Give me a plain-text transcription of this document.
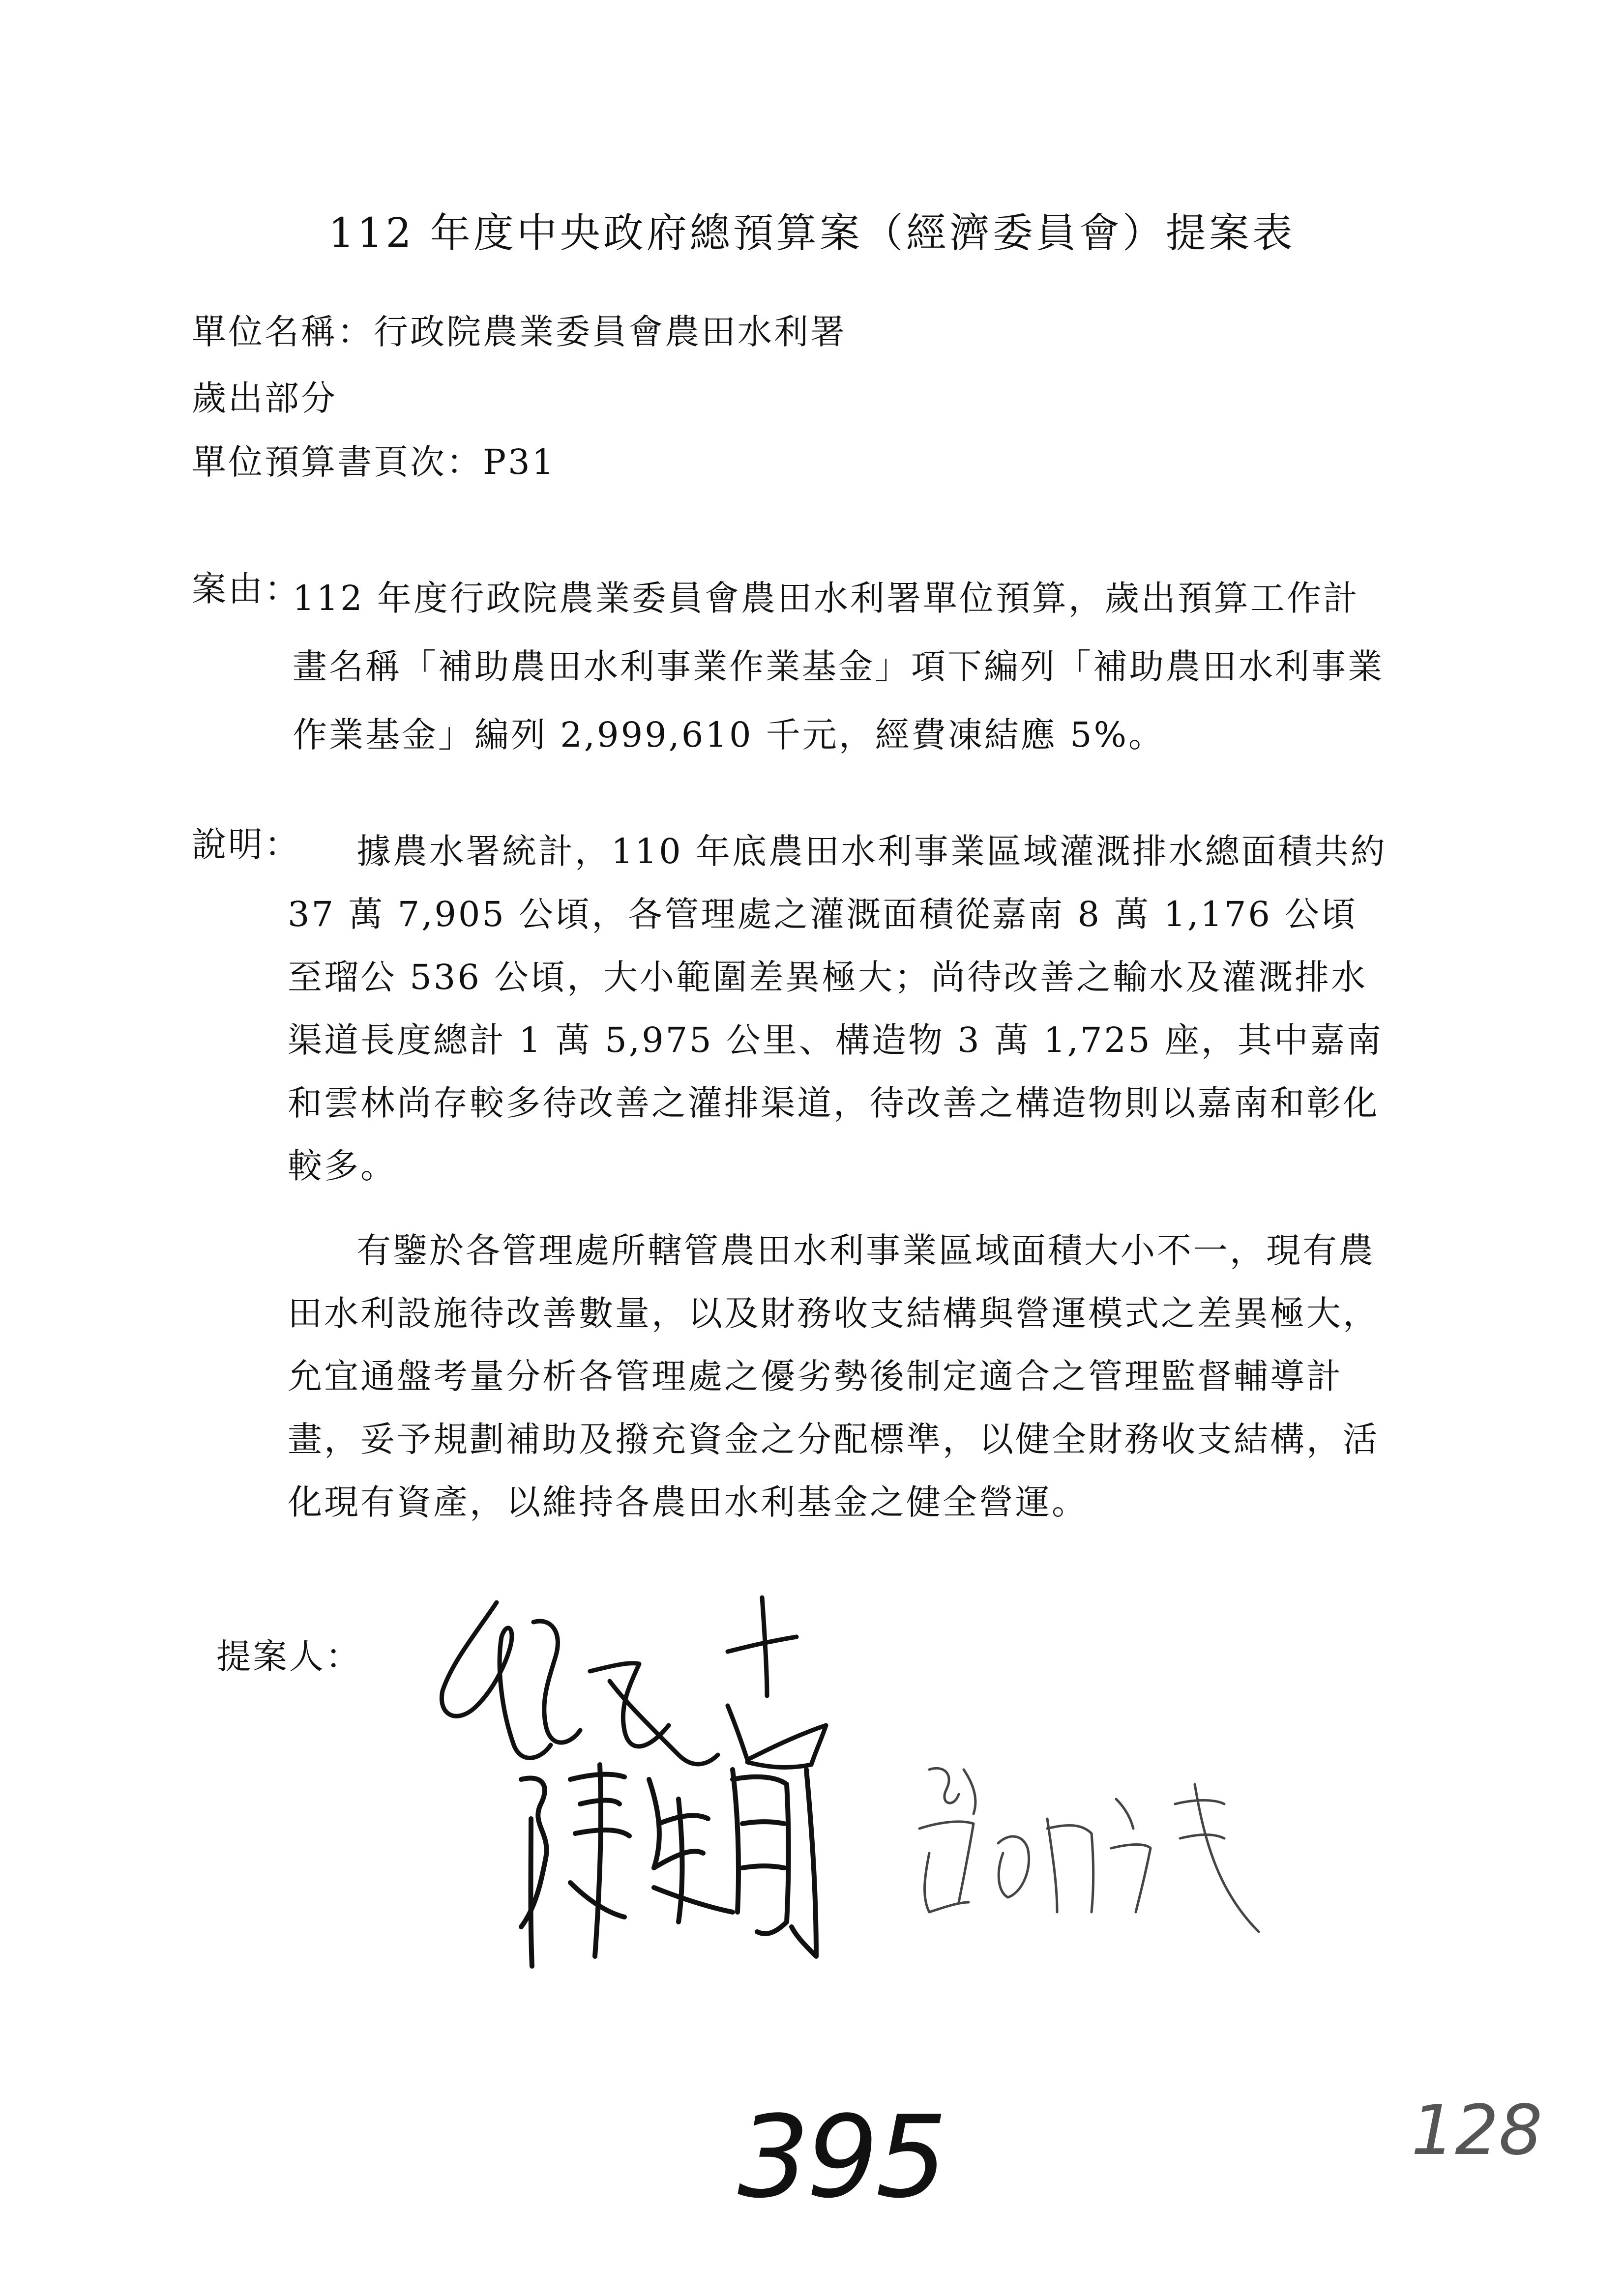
112 年度中央政府總預算案（經濟委員會）提案表
單位名稱：行政院農業委員會農田水利署
歲出部分
單位預算書頁次：P31
案由：

112 年度行政院農業委員會農田水利署單位預算，歲出預算工作計畫名稱「補助農田水利事業作業基金」項下編列「補助農田水利事業作業基金」編列 2,999,610 千元，經費凍結應 5%。

說明：	據農水署統計，110 年底農田水利事業區域灌溉排水總面積共約 37 萬 7,905 公頃，各管理處之灌溉面積從嘉南 8 萬 1,176 公頃至瑠公 536 公頃，大小範圍差異極大；尚待改善之輸水及灌溉排水渠道長度總計 1 萬 5,975 公里、構造物 3 萬 1,725 座，其中嘉南和雲林尚存較多待改善之灌排渠道，待改善之構造物則以嘉南和彰化較多。

有鑒於各管理處所轄管農田水利事業區域面積大小不一，現有農田水利設施待改善數量，以及財務收支結構與營運模式之差異極大，允宜通盤考量分析各管理處之優劣勢後制定適合之管理監督輔導計畫，妥予規劃補助及撥充資金之分配標準，以健全財務收支結構，活化現有資產，以維持各農田水利基金之健全營運。

提案人：
395	128
